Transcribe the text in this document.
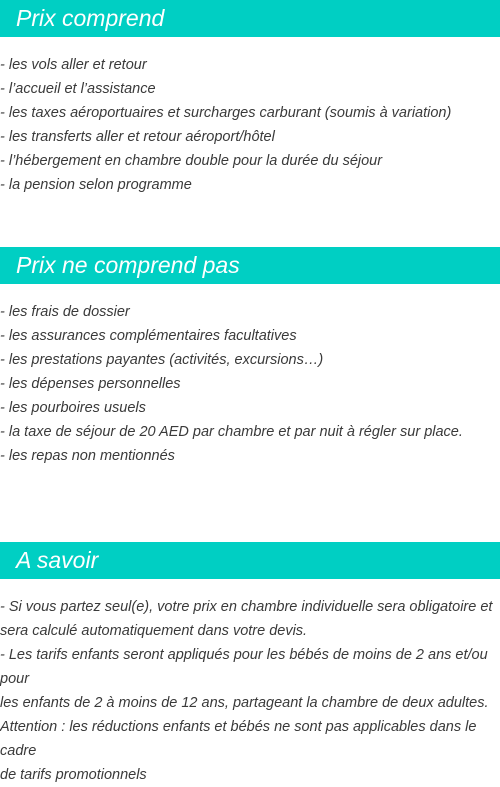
Prix comprend
- les vols aller et retour
- l’accueil et l’assistance
- les taxes aéroportuaires et surcharges carburant (soumis à variation)
- les transferts aller et retour aéroport/hôtel
- l’hébergement en chambre double pour la durée du séjour
- la pension selon programme
Prix ne comprend pas
- les frais de dossier
- les assurances complémentaires facultatives
- les prestations payantes (activités, excursions…)
- les dépenses personnelles
- les pourboires usuels
- la taxe de séjour de 20 AED par chambre et par nuit à régler sur place.
- les repas non mentionnés
A savoir

- Si vous partez seul(e), votre prix en chambre individuelle sera obligatoire et
sera calculé automatiquement dans votre devis.
- Les tarifs enfants seront appliqués pour les bébés de moins de 2 ans et/ou pour
les enfants de 2 à moins de 12 ans, partageant la chambre de deux adultes.
Attention : les réductions enfants et bébés ne sont pas applicables dans le cadre
de tarifs promotionnels
